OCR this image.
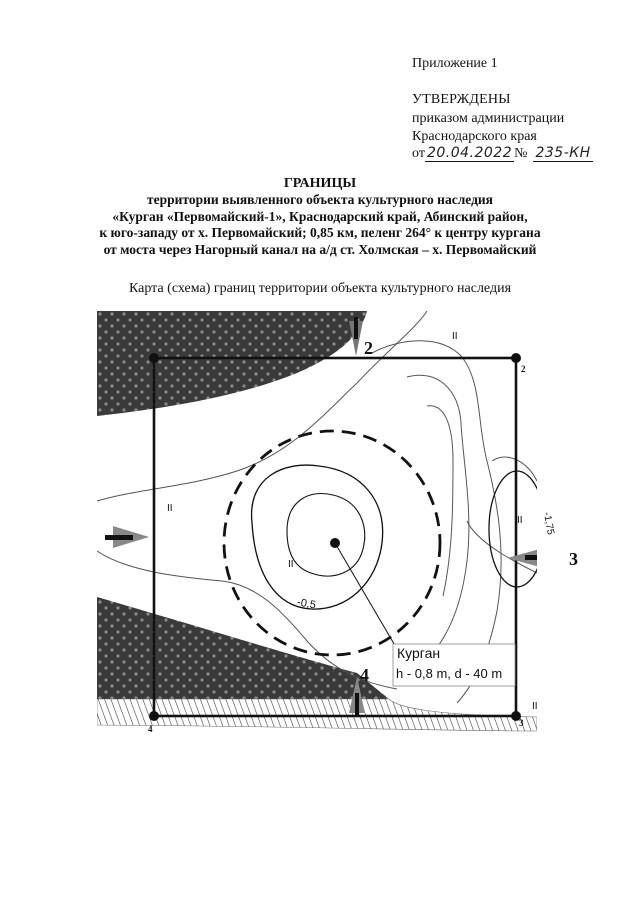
Приложение 1
УТВЕРЖДЕНЫ
приказом администрации
Краснодарского края
от 20.04.2022 № 235-КН
ГРАНИЦЫ
территории выявленного объекта культурного наследия
«Курган «Первомайский-1», Краснодарский край, Абинский район,
к юго-западу от х. Первомайский; 0,85 км, пеленг 264° к центру кургана
от моста через Нагорный канал на а/д ст. Холмская – х. Первомайский
Карта (схема) границ территории объекта культурного наследия
2
3
4
2
3
4
-0,5
-1,75
II
II
II
II
II
Курган
h - 0,8 m, d - 40 m
